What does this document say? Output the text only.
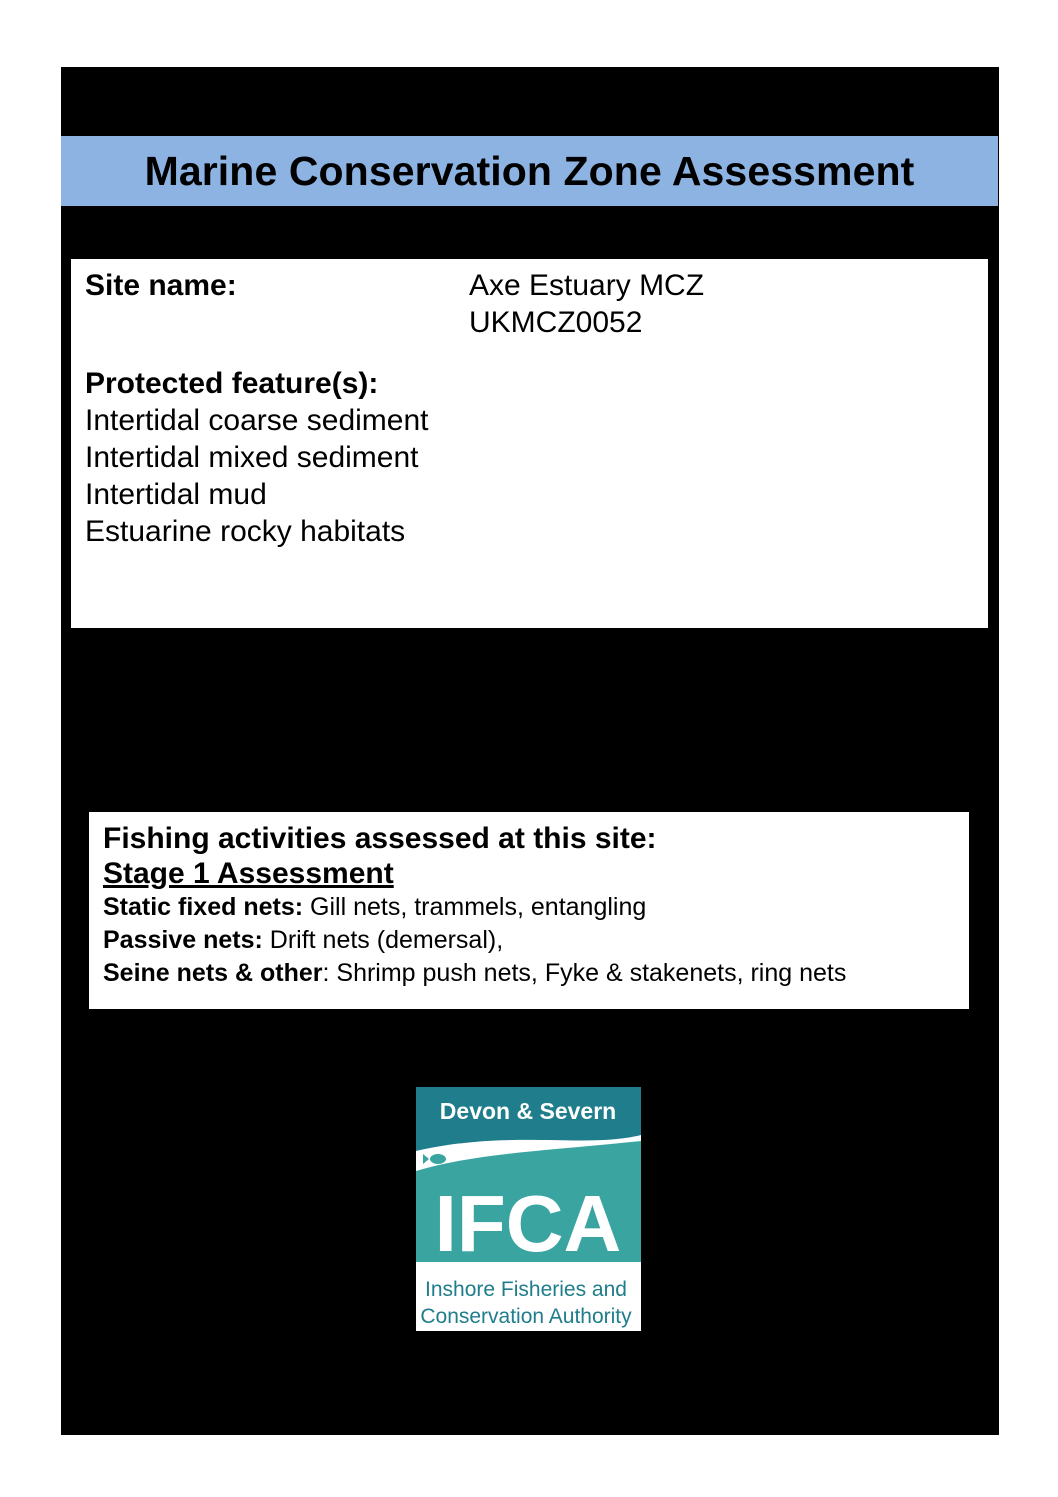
Marine Conservation Zone Assessment
Site name:	Axe Estuary MCZ
UKMCZ0052
Protected feature(s):
Intertidal coarse sediment
Intertidal mixed sediment
Intertidal mud
Estuarine rocky habitats
Fishing activities assessed at this site:
Stage 1 Assessment
Static fixed nets: Gill nets, trammels, entangling
Passive nets: Drift nets (demersal),
Seine nets & other: Shrimp push nets, Fyke & stakenets, ring nets
Devon & Severn
IFCA
Inshore Fisheries and
Conservation Authority
